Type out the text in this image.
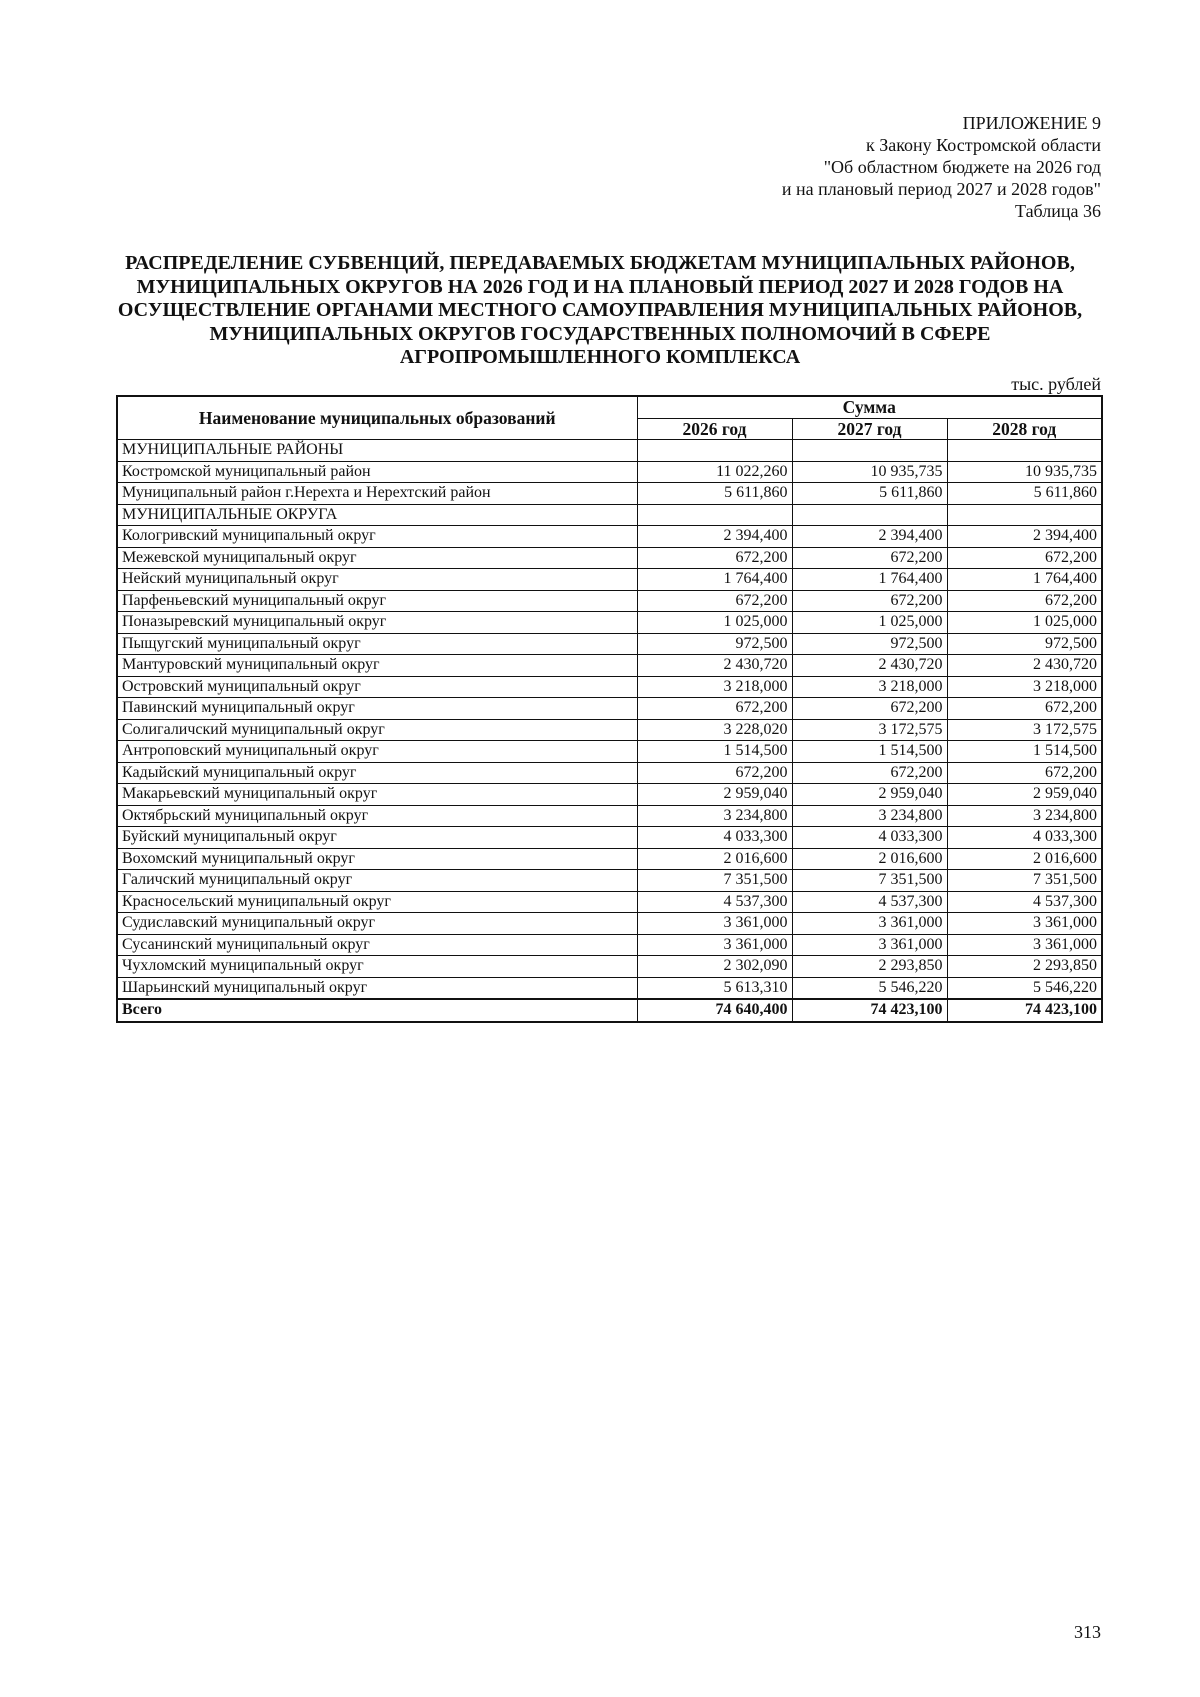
ПРИЛОЖЕНИЕ 9
к Закону Костромской области
"Об областном бюджете на 2026 год
и на плановый период 2027 и 2028 годов"
Таблица 36
РАСПРЕДЕЛЕНИЕ СУБВЕНЦИЙ, ПЕРЕДАВАЕМЫХ БЮДЖЕТАМ МУНИЦИПАЛЬНЫХ РАЙОНОВ,
МУНИЦИПАЛЬНЫХ ОКРУГОВ НА 2026 ГОД И НА ПЛАНОВЫЙ ПЕРИОД 2027 И 2028 ГОДОВ НА
ОСУЩЕСТВЛЕНИЕ ОРГАНАМИ МЕСТНОГО САМОУПРАВЛЕНИЯ МУНИЦИПАЛЬНЫХ РАЙОНОВ,
МУНИЦИПАЛЬНЫХ ОКРУГОВ ГОСУДАРСТВЕННЫХ ПОЛНОМОЧИЙ В СФЕРЕ
АГРОПРОМЫШЛЕННОГО КОМПЛЕКСА
тыс. рублей
Наименование муниципальных образований	Сумма		
	2026 год	2027 год	2028 год
МУНИЦИПАЛЬНЫЕ РАЙОНЫ			
Костромской муниципальный район	11 022,260	10 935,735	10 935,735
Муниципальный район г.Нерехта и Нерехтский район	5 611,860	5 611,860	5 611,860
МУНИЦИПАЛЬНЫЕ ОКРУГА			
Кологривский муниципальный округ	2 394,400	2 394,400	2 394,400
Межевской муниципальный округ	672,200	672,200	672,200
Нейский муниципальный округ	1 764,400	1 764,400	1 764,400
Парфеньевский муниципальный округ	672,200	672,200	672,200
Поназыревский муниципальный округ	1 025,000	1 025,000	1 025,000
Пыщугский муниципальный округ	972,500	972,500	972,500
Мантуровский муниципальный округ	2 430,720	2 430,720	2 430,720
Островский муниципальный округ	3 218,000	3 218,000	3 218,000
Павинский муниципальный округ	672,200	672,200	672,200
Солигаличский муниципальный округ	3 228,020	3 172,575	3 172,575
Антроповский муниципальный округ	1 514,500	1 514,500	1 514,500
Кадыйский муниципальный округ	672,200	672,200	672,200
Макарьевский муниципальный округ	2 959,040	2 959,040	2 959,040
Октябрьский муниципальный округ	3 234,800	3 234,800	3 234,800
Буйский муниципальный округ	4 033,300	4 033,300	4 033,300
Вохомский муниципальный округ	2 016,600	2 016,600	2 016,600
Галичский муниципальный округ	7 351,500	7 351,500	7 351,500
Красносельский муниципальный округ	4 537,300	4 537,300	4 537,300
Судиславский муниципальный округ	3 361,000	3 361,000	3 361,000
Сусанинский муниципальный округ	3 361,000	3 361,000	3 361,000
Чухломский муниципальный округ	2 302,090	2 293,850	2 293,850
Шарьинский муниципальный округ	5 613,310	5 546,220	5 546,220
Всего	74 640,400	74 423,100	74 423,100
313
